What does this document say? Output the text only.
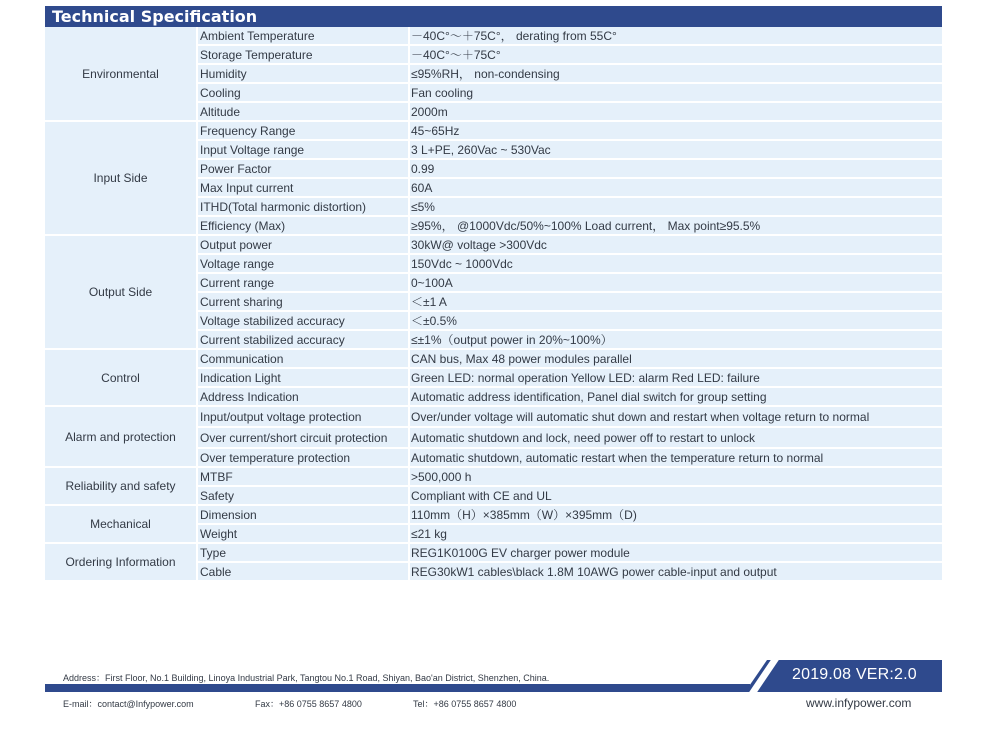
Technical Specification
Environmental	Ambient Temperature	－40C°～＋75C°， derating from 55C°
	Storage Temperature	－40C°～＋75C°
	Humidity	≤95%RH， non-condensing
	Cooling	Fan cooling
	Altitude	2000m
Input Side	Frequency Range	45~65Hz
	Input Voltage range	3 L+PE, 260Vac ~ 530Vac
	Power Factor	0.99
	Max Input current	60A
	ITHD(Total harmonic distortion)	≤5%
	Efficiency (Max)	≥95%， @1000Vdc/50%~100% Load current， Max point≥95.5%
Output Side	Output power	30kW@ voltage >300Vdc
	Voltage range	150Vdc ~ 1000Vdc
	Current range	0~100A
	Current sharing	＜±1 A
	Voltage stabilized accuracy	＜±0.5%
	Current stabilized accuracy	≤±1%（output power in 20%~100%）
Control	Communication	CAN bus, Max 48 power modules parallel
	Indication Light	Green LED: normal operation Yellow LED: alarm Red LED: failure
	Address Indication	Automatic address identification, Panel dial switch for group setting
Alarm and protection	Input/output voltage protection	Over/under voltage will automatic shut down and restart when voltage return to normal
	Over current/short circuit protection	Automatic shutdown and lock, need power off to restart to unlock
	Over temperature protection	Automatic shutdown, automatic restart when the temperature return to normal
Reliability and safety	MTBF	>500,000 h
	Safety	Compliant with CE and UL
Mechanical	Dimension	110mm（H）×385mm（W）×395mm（D)
	Weight	≤21 kg
Ordering Information	Type	REG1K0100G EV charger power module
	Cable	REG30kW1 cables\black 1.8M 10AWG power cable-input and output
2019.08 VER:2.0
Address：First Floor, No.1 Building, Linoya Industrial Park, Tangtou No.1 Road, Shiyan, Bao'an District, Shenzhen, China.
E-mail：contact@Infypower.com	Fax：+86 0755 8657 4800	Tel：+86 0755 8657 4800	www.infypower.com
